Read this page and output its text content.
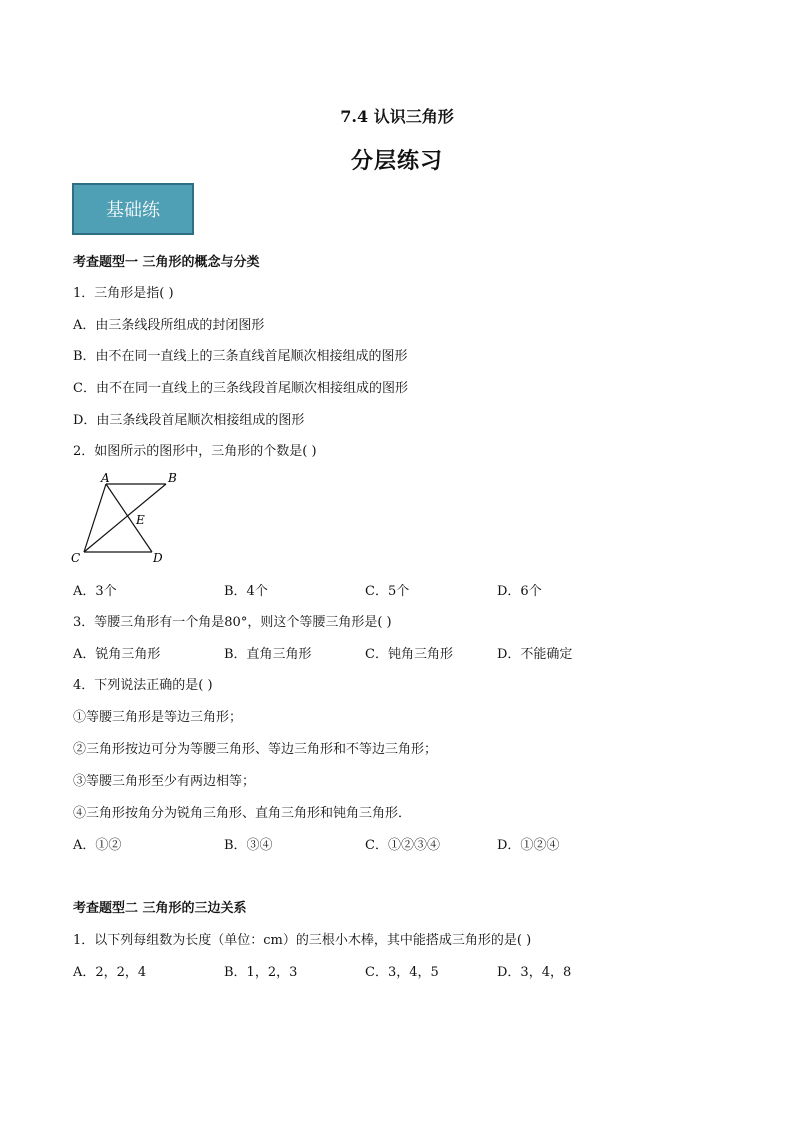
7.4 认识三角形
分层练习
基础练
考查题型一 三角形的概念与分类
1．三角形是指( )
A．由三条线段所组成的封闭图形
B．由不在同一直线上的三条直线首尾顺次相接组成的图形
C．由不在同一直线上的三条线段首尾顺次相接组成的图形
D．由三条线段首尾顺次相接组成的图形
2．如图所示的图形中，三角形的个数是( )
A	B
E
C	D
A．3个	B．4个	C．5个	D．6个
3．等腰三角形有一个角是80°，则这个等腰三角形是( )
A．锐角三角形	B．直角三角形	C．钝角三角形	D．不能确定
4．下列说法正确的是( )
①等腰三角形是等边三角形；
②三角形按边可分为等腰三角形、等边三角形和不等边三角形；
③等腰三角形至少有两边相等；
④三角形按角分为锐角三角形、直角三角形和钝角三角形．
A．①②	B．③④	C．①②③④	D．①②④
考查题型二 三角形的三边关系
1．以下列每组数为长度（单位：cm）的三根小木棒，其中能搭成三角形的是( )
A．2，2，4	B．1，2，3	C．3，4，5	D．3，4，8
